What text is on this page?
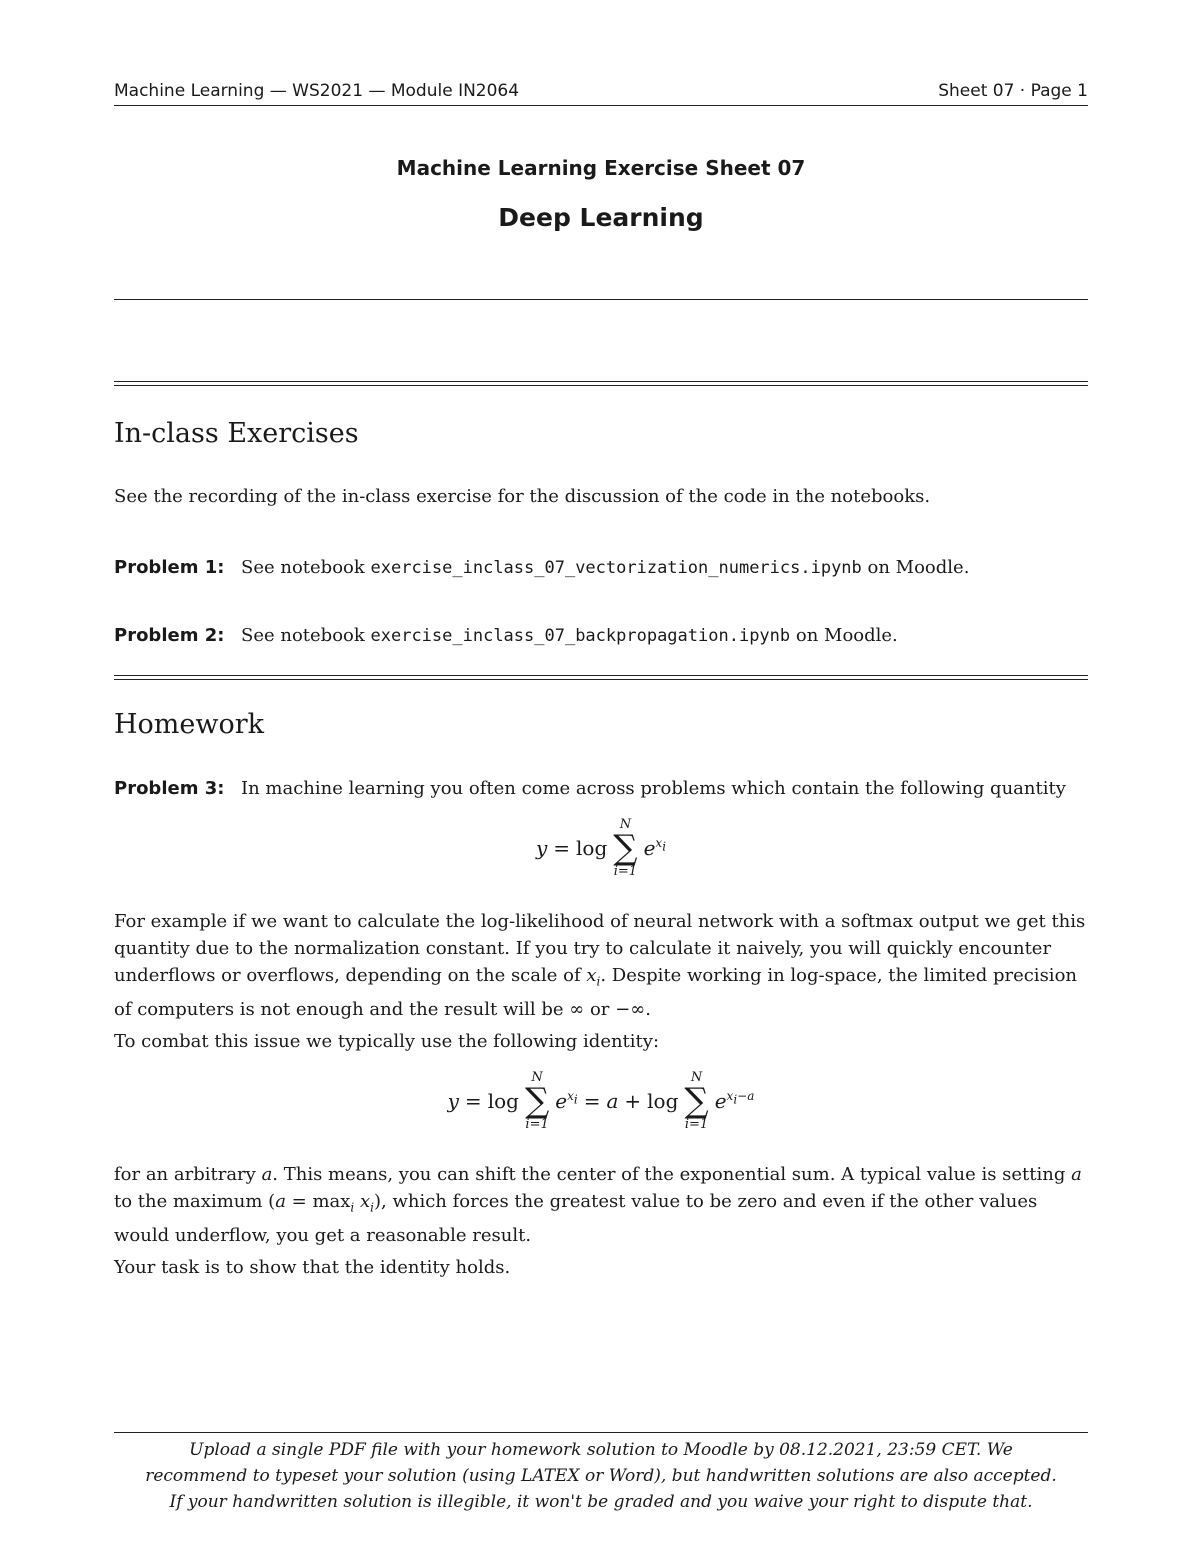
Machine Learning — WS2021 — Module IN2064	Sheet 07 · Page 1
Machine Learning Exercise Sheet 07
Deep Learning
In-class Exercises
See the recording of the in-class exercise for the discussion of the code in the notebooks.
Problem 1: See notebook exercise_inclass_07_vectorization_numerics.ipynb on Moodle.
Problem 2: See notebook exercise_inclass_07_backpropagation.ipynb on Moodle.
Homework
Problem 3: In machine learning you often come across problems which contain the following quantity
y = log
N
∑
i=1
$e^{x_i}$
For example if we want to calculate the log-likelihood of neural network with a softmax output we get this quantity due to the normalization constant. If you try to calculate it naively, you will quickly encounter underflows or overflows, depending on the scale of $x_i$. Despite working in log-space, the limited precision of computers is not enough and the result will be ∞ or −∞.
To combat this issue we typically use the following identity:
y = log
N
∑
i=1
$e^{x_i} = a + \log$
N
∑
i=1
$e^{x_i-a}$
for an arbitrary a. This means, you can shift the center of the exponential sum. A typical value is setting a to the maximum $(a = \max_i x_i)$, which forces the greatest value to be zero and even if the other values would underflow, you get a reasonable result.
Your task is to show that the identity holds.
Upload a single PDF file with your homework solution to Moodle by 08.12.2021, 23:59 CET. We
recommend to typeset your solution (using LATEX or Word), but handwritten solutions are also accepted.
If your handwritten solution is illegible, it won't be graded and you waive your right to dispute that.
